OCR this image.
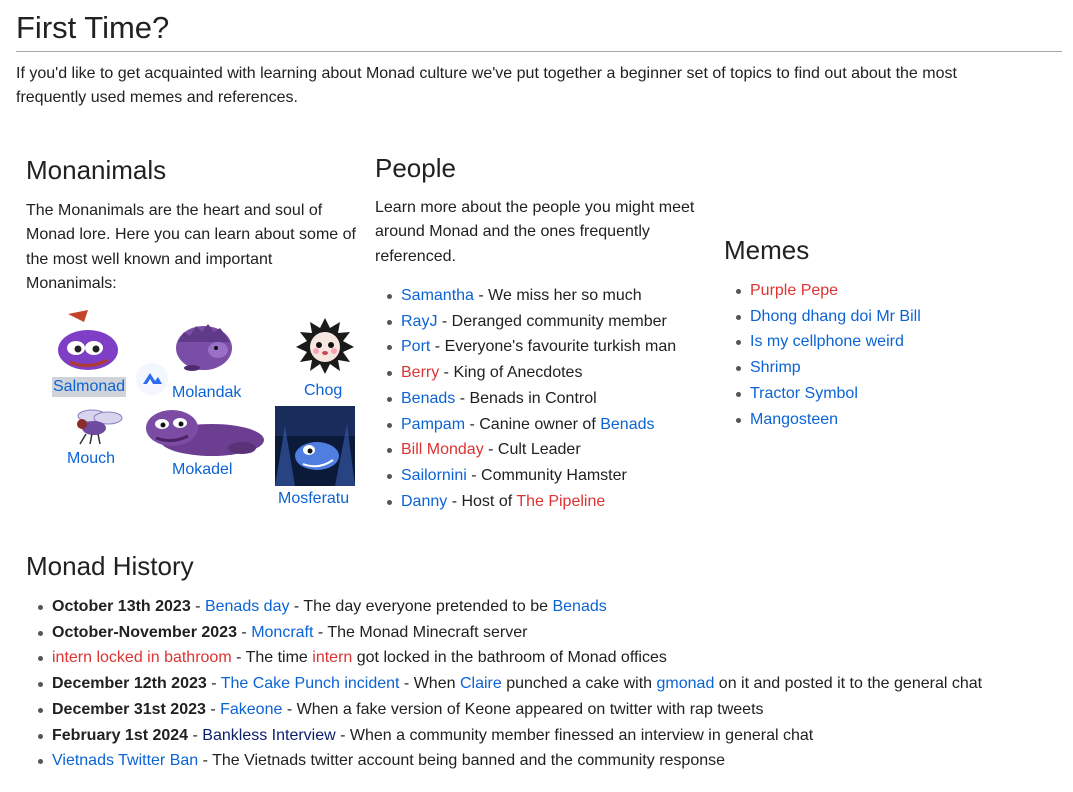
First Time?

If you'd like to get acquainted with learning about Monad culture we've put together a beginner set of topics to find out about the most frequently used memes and references.

Monanimals

The Monanimals are the heart and soul of Monad lore. Here you can learn about some of the most well known and important Monanimals:

Salmonad	Molandak	Chog
Mouch
Mokadel
Mosferatu
People

Learn more about the people you might meet around Monad and the ones frequently referenced.

Samantha - We miss her so much
RayJ - Deranged community member
Port - Everyone's favourite turkish man
Berry - King of Anecdotes
Benads - Benads in Control
Pampam - Canine owner of Benads
Bill Monday - Cult Leader
Sailornini - Community Hamster
Danny - Host of The Pipeline
Memes
Purple Pepe
Dhong dhang doi Mr Bill
Is my cellphone weird
Shrimp
Tractor Symbol
Mangosteen
Monad History
October 13th 2023 - Benads day - The day everyone pretended to be Benads
October-November 2023 - Moncraft - The Monad Minecraft server
intern locked in bathroom - The time intern got locked in the bathroom of Monad offices
December 12th 2023 - The Cake Punch incident - When Claire punched a cake with gmonad on it and posted it to the general chat
December 31st 2023 - Fakeone - When a fake version of Keone appeared on twitter with rap tweets
February 1st 2024 - Bankless Interview - When a community member finessed an interview in general chat
Vietnads Twitter Ban - The Vietnads twitter account being banned and the community response
